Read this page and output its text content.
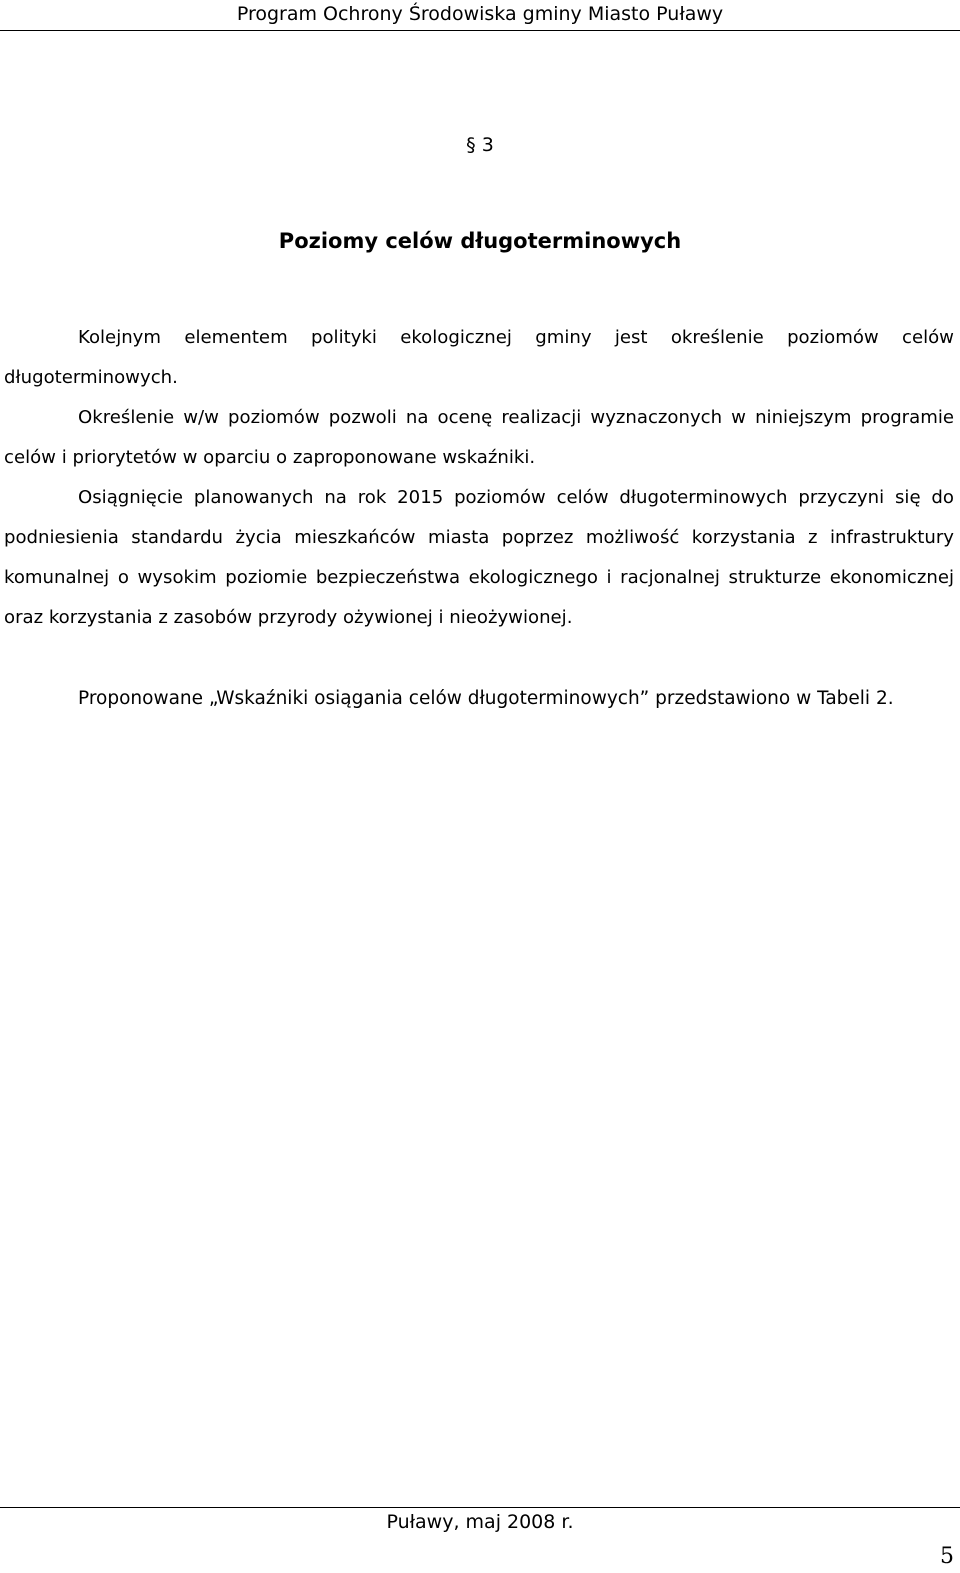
Program Ochrony Środowiska gminy Miasto Puławy
§ 3
Poziomy celów długoterminowych

Kolejnym elementem polityki ekologicznej gminy jest określenie poziomów celów długoterminowych.

Określenie w/w poziomów pozwoli na ocenę realizacji wyznaczonych w niniejszym programie celów i priorytetów w oparciu o zaproponowane wskaźniki.

Osiągnięcie planowanych na rok 2015 poziomów celów długoterminowych przyczyni się do podniesienia standardu życia mieszkańców miasta poprzez możliwość korzystania z infrastruktury komunalnej o wysokim poziomie bezpieczeństwa ekologicznego i racjonalnej strukturze ekonomicznej oraz korzystania z zasobów przyrody ożywionej i nieożywionej.

Proponowane „Wskaźniki osiągania celów długoterminowych” przedstawiono w Tabeli 2.
Puławy, maj 2008 r.
5
